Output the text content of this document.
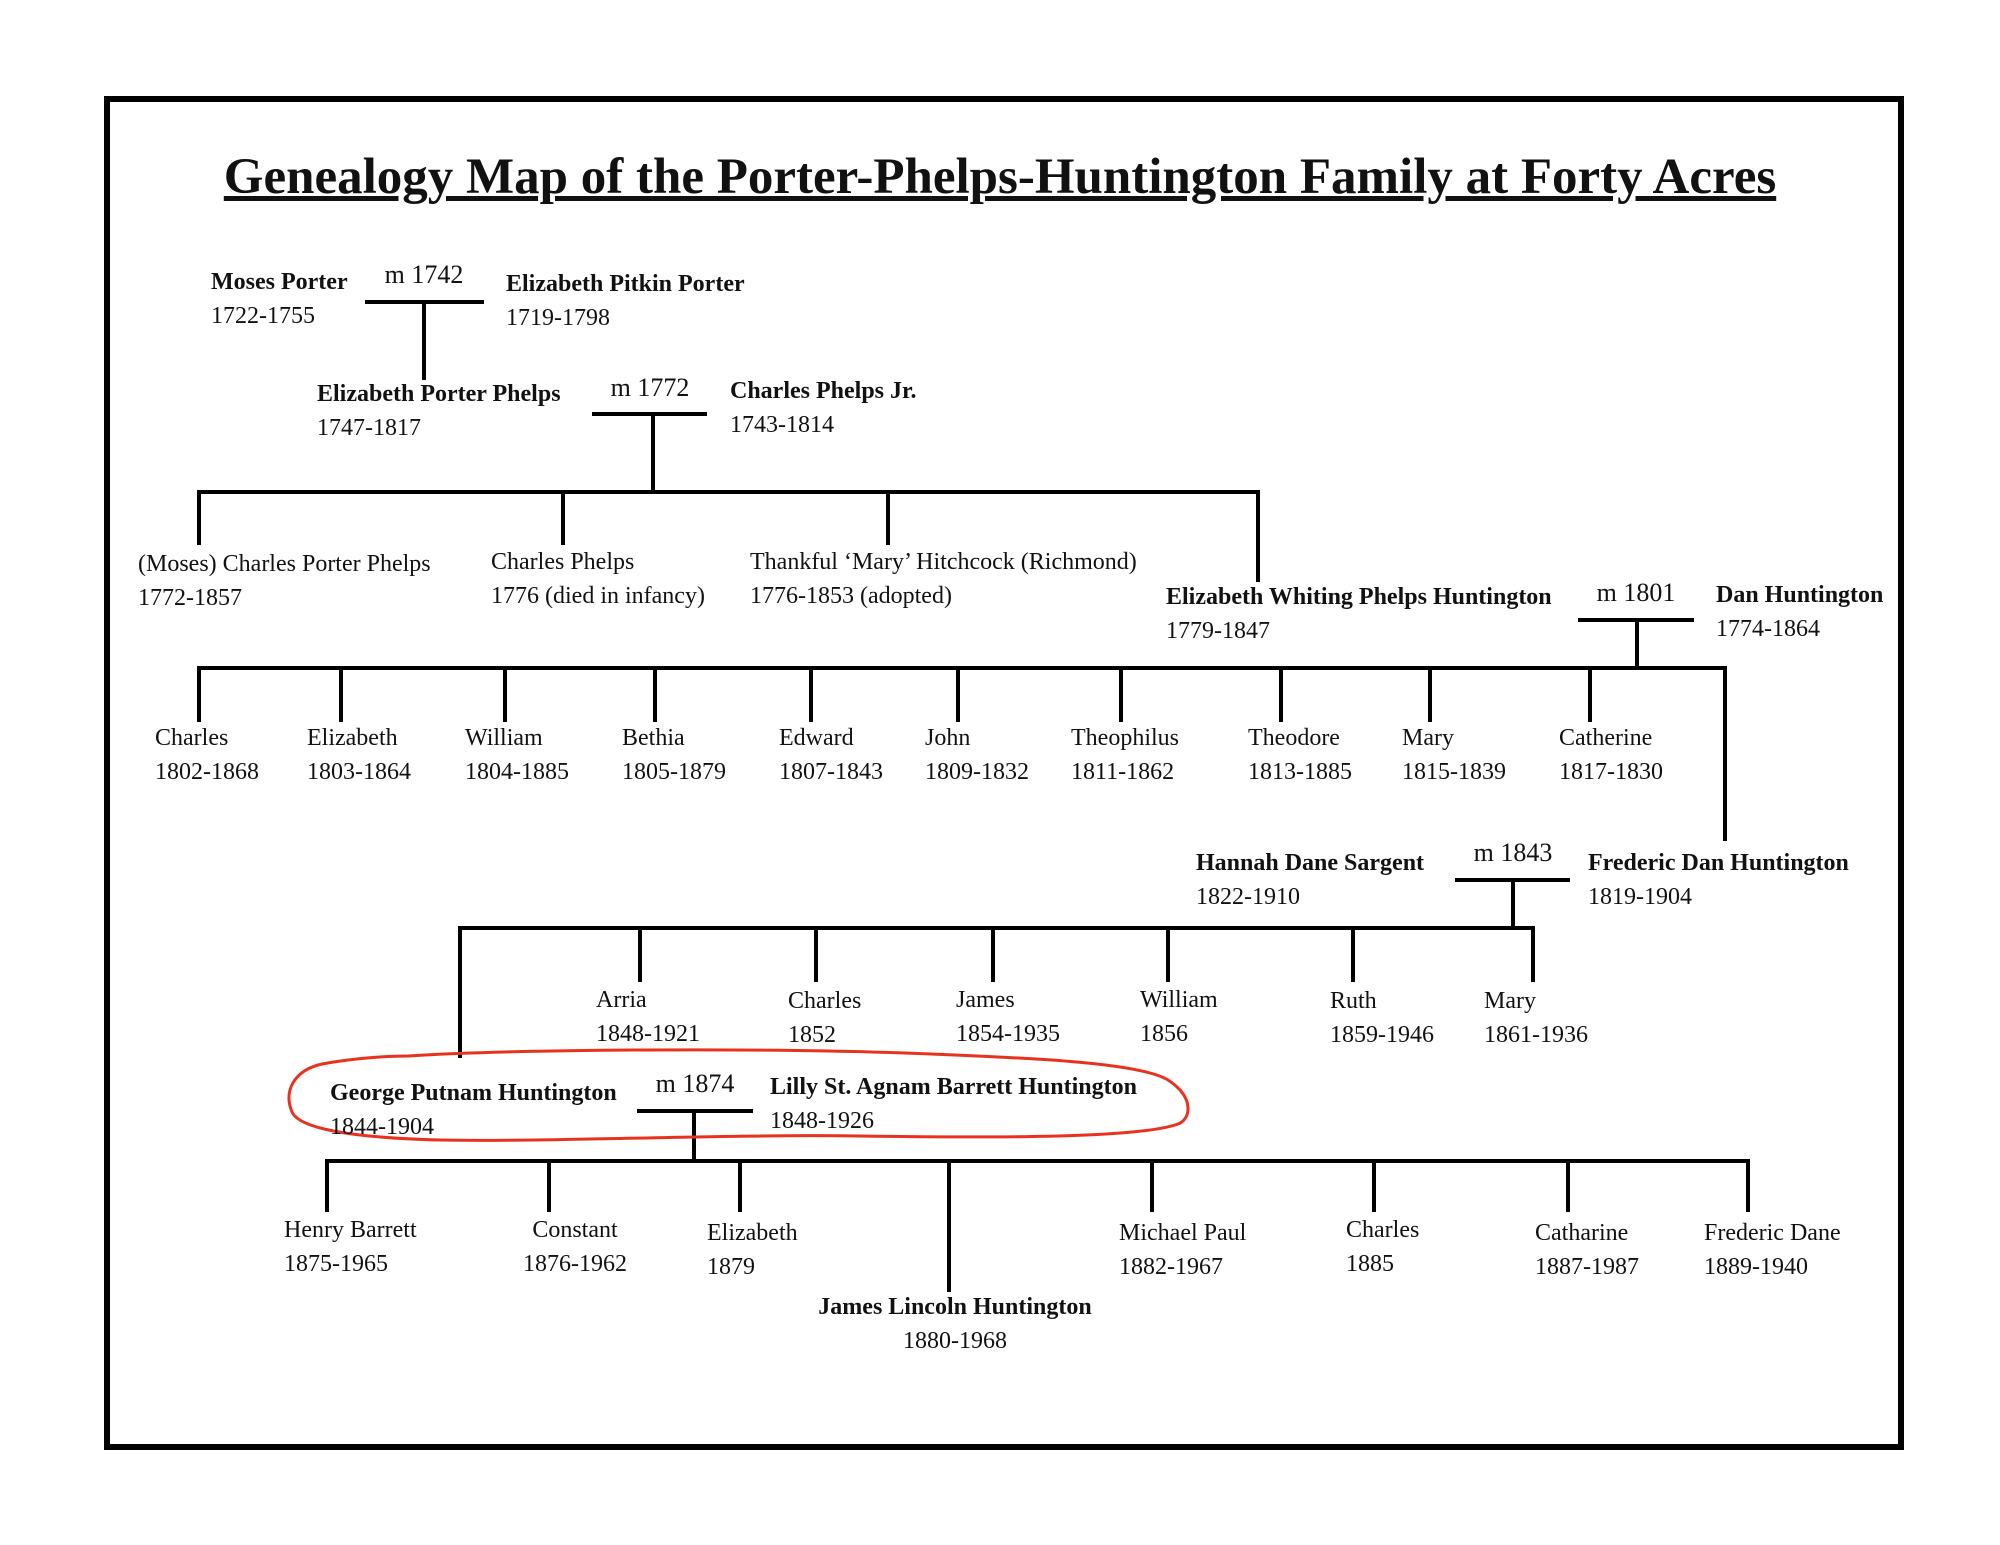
Genealogy Map of the Porter-Phelps-Huntington Family at Forty Acres
m 1742
m 1772
m 1801
m 1843
m 1874
Moses Porter
1722-1755
Elizabeth Pitkin Porter
1719-1798
Elizabeth Porter Phelps
1747-1817
Charles Phelps Jr.
1743-1814
(Moses) Charles Porter Phelps
1772-1857
Charles Phelps
1776 (died in infancy)
Thankful ‘Mary’ Hitchcock (Richmond)
1776-1853 (adopted)	Elizabeth Whiting Phelps Huntington
1779-1847
Dan Huntington
1774-1864
Charles
1802-1868
Elizabeth
1803-1864
William
1804-1885
Bethia
1805-1879
Edward
1807-1843
John
1809-1832
Theophilus
1811-1862
Theodore
1813-1885
Mary
1815-1839
Catherine
1817-1830
Hannah Dane Sargent
1822-1910
Frederic Dan Huntington
1819-1904
Arria
1848-1921
Charles
1852
James
1854-1935
William
1856
Ruth
1859-1946
Mary
1861-1936
George Putnam Huntington
1844-1904
Lilly St. Agnam Barrett Huntington
1848-1926
Henry Barrett
1875-1965
Constant
1876-1962
Elizabeth
1879
James Lincoln Huntington
1880-1968
Michael Paul
1882-1967
Charles
1885
Catharine
1887-1987
Frederic Dane
1889-1940
